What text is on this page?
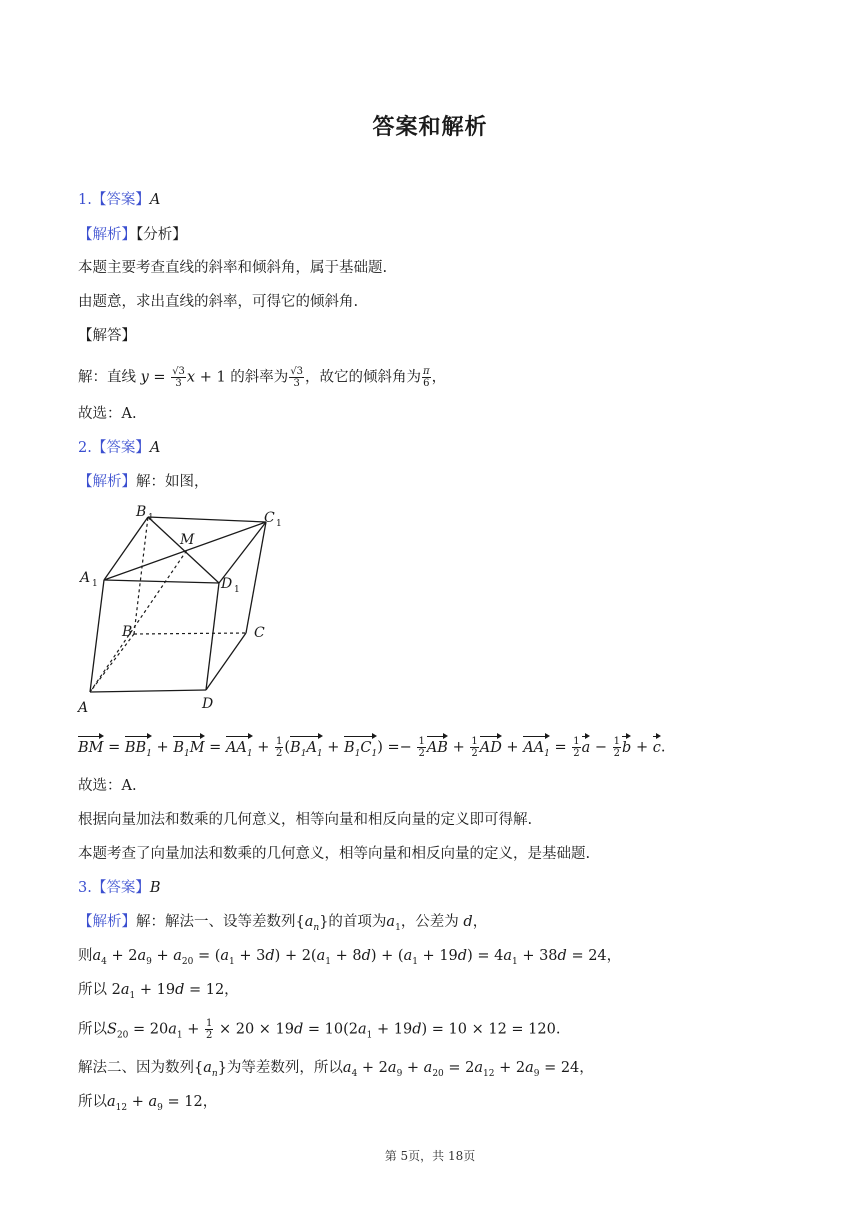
答案和解析
1.【答案】A
【解析】【分析】
本题主要考查直线的斜率和倾斜角，属于基础题.
由题意，求出直线的斜率，可得它的倾斜角.
【解答】
解：直线 $y = \frac{√3}{3}$ x + 1 的斜率为 $\frac{√3}{3}$ ，故它的倾斜角为 $\frac{\pi}{6}$ ，
故选：A.
2.【答案】A
【解析】解：如图，
B 1	C 1
M
A 1	D 1
B	C
A	D
BM = $BB_1 + B_1M = AA_1 + \frac{1}{2} (B_1A_1 + B_1C_1) =- \frac{1}{2}$ AB + $\frac{1}{2}$ AD + $AA_1 = \frac{1}{2}$ $a - \frac{1}{2}$ b + c.
故选：A.
根据向量加法和数乘的几何意义，相等向量和相反向量的定义即可得解.
本题考查了向量加法和数乘的几何意义，相等向量和相反向量的定义，是基础题.
3.【答案】B
【解析】解：解法一、设等差数列$\{a_n\}$的首项为$a_1$，公差为 d，
则$a_4 + 2a_9 + a_{20} = (a_1 + 3d) + 2(a_1 + 8d) + (a_1 + 19d) = 4a_1 + 38d = 24$，
所以 $2a_1 + 19d = 12$，
所以$S_{20} = 20a_1 + \frac{1}{2} \times 20 \times 19d = 10(2a_1 + 19d) = 10 \times 12 = 120$.
解法二、因为数列$\{a_n\}$为等差数列，所以$a_4 + 2a_9 + a_{20} = 2a_{12} + 2a_9 = 24$，
所以$a_{12} + a_9 = 12$，
第 5页，共 18页
